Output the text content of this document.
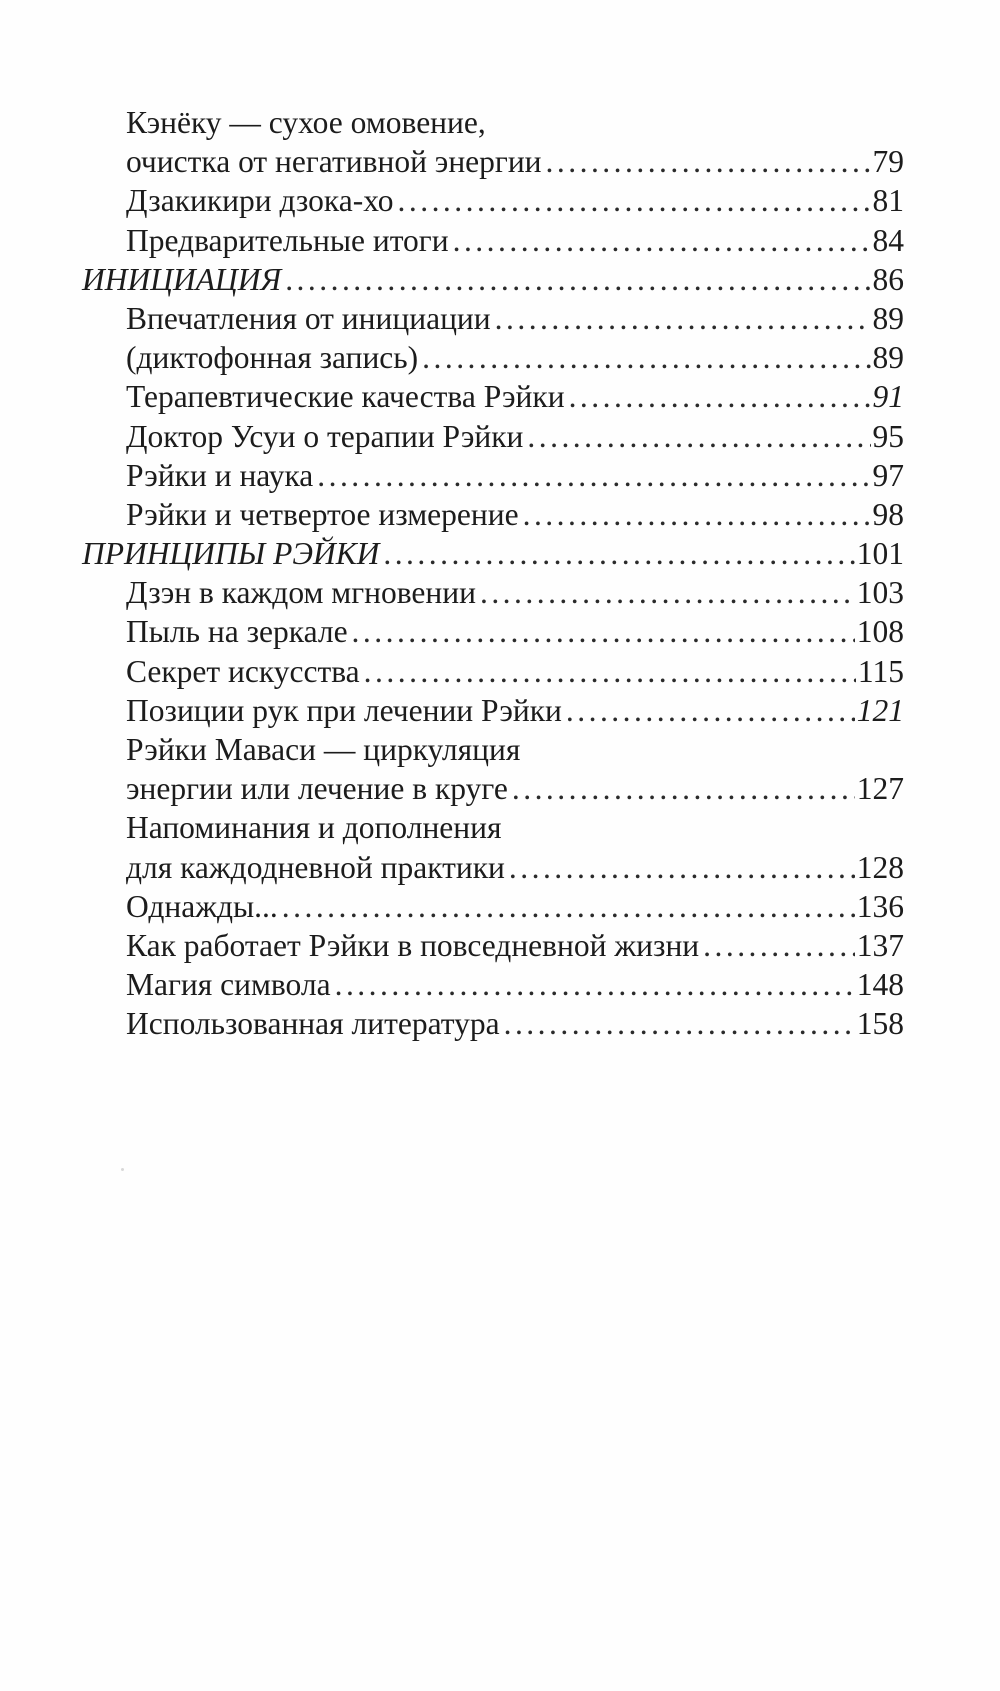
Кэнёку — сухое омовение,
очистка от негативной энергии . . .	79
Дзакикири дзока-хо . . .	81
Предварительные итоги . . .	84
ИНИЦИАЦИЯ . . .	86
Впечатления от инициации . . .	89
(диктофонная запись) . . .	89
Терапевтические качества Рэйки . . .	91
Доктор Усуи о терапии Рэйки . . .	95
Рэйки и наука . . .	97
Рэйки и четвертое измерение . . .	98
ПРИНЦИПЫ РЭЙКИ . . .	101
Дзэн в каждом мгновении . . .	103
Пыль на зеркале . . .	108
Секрет искусства . . .	115
Позиции рук при лечении Рэйки . . .	121
Рэйки Маваси — циркуляция
энергии или лечение в круге . . .	127
Напоминания и дополнения
для каждодневной практики . . .	128
Однажды... . . .	136
Как работает Рэйки в повседневной жизни . . .	137
Магия символа . . .	148
Использованная литература . . .	158
